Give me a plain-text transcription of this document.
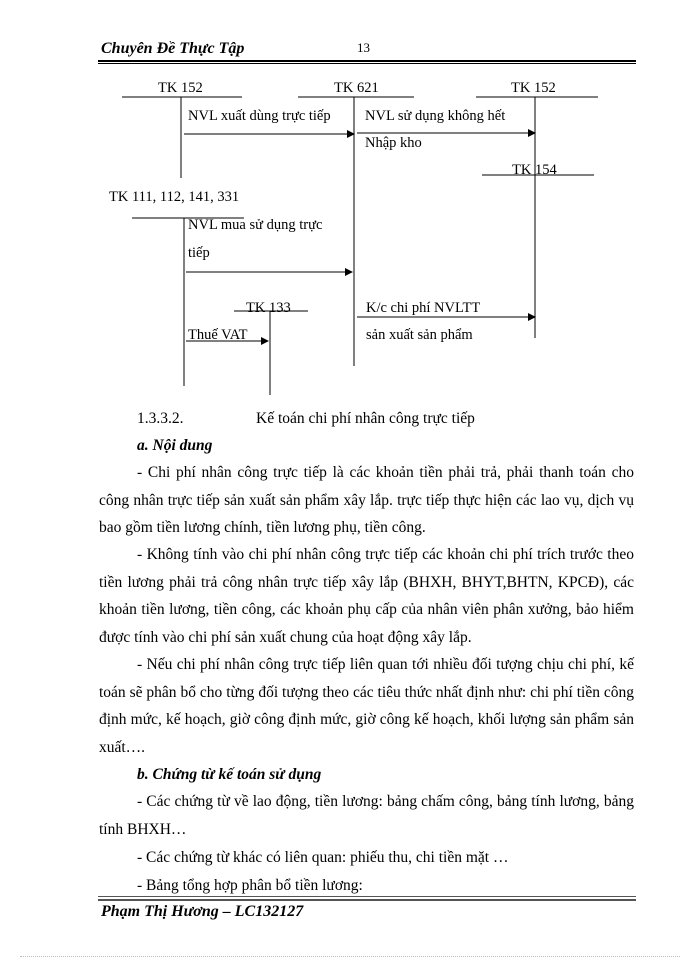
Chuyên Đề Thực Tập	13
TK 152	TK 621	TK 152
TK 154
TK 111, 112, 141, 331
TK 133
NVL xuất dùng trực tiếp NVL sử dụng không hết
Nhập kho
NVL mua sử dụng trực
tiếp
Thuế VAT
K/c chi phí NVLTT
sản xuất sản phẩm
1.3.3.2.	Kế toán chi phí nhân công trực tiếp
a. Nội dung
- Chi phí nhân công trực tiếp là các khoản tiền phải trả, phải thanh toán cho công nhân trực tiếp sản xuất sản phẩm xây lắp. trực tiếp thực hiện các lao vụ, dịch vụ bao gồm tiền lương chính, tiền lương phụ, tiền công.
- Không tính vào chi phí nhân công trực tiếp các khoản chi phí trích trước theo tiền lương phải trả công nhân trực tiếp xây lắp (BHXH, BHYT,BHTN, KPCĐ), các khoản tiền lương, tiền công, các khoản phụ cấp của nhân viên phân xưởng, bảo hiểm được tính vào chi phí sản xuất chung của hoạt động xây lắp.
- Nếu chi phí nhân công trực tiếp liên quan tới nhiều đối tượng chịu chi phí, kế toán sẽ phân bổ cho từng đối tượng theo các tiêu thức nhất định như: chi phí tiền công định mức, kế hoạch, giờ công định mức, giờ công kế hoạch, khối lượng sản phẩm sản xuất….
b. Chứng từ kế toán sử dụng
- Các chứng từ về lao động, tiền lương: bảng chấm công, bảng tính lương, bảng tính BHXH…
- Các chứng từ khác có liên quan: phiếu thu, chi tiền mặt …
- Bảng tổng hợp phân bổ tiền lương:
Phạm Thị Hương – LC132127
